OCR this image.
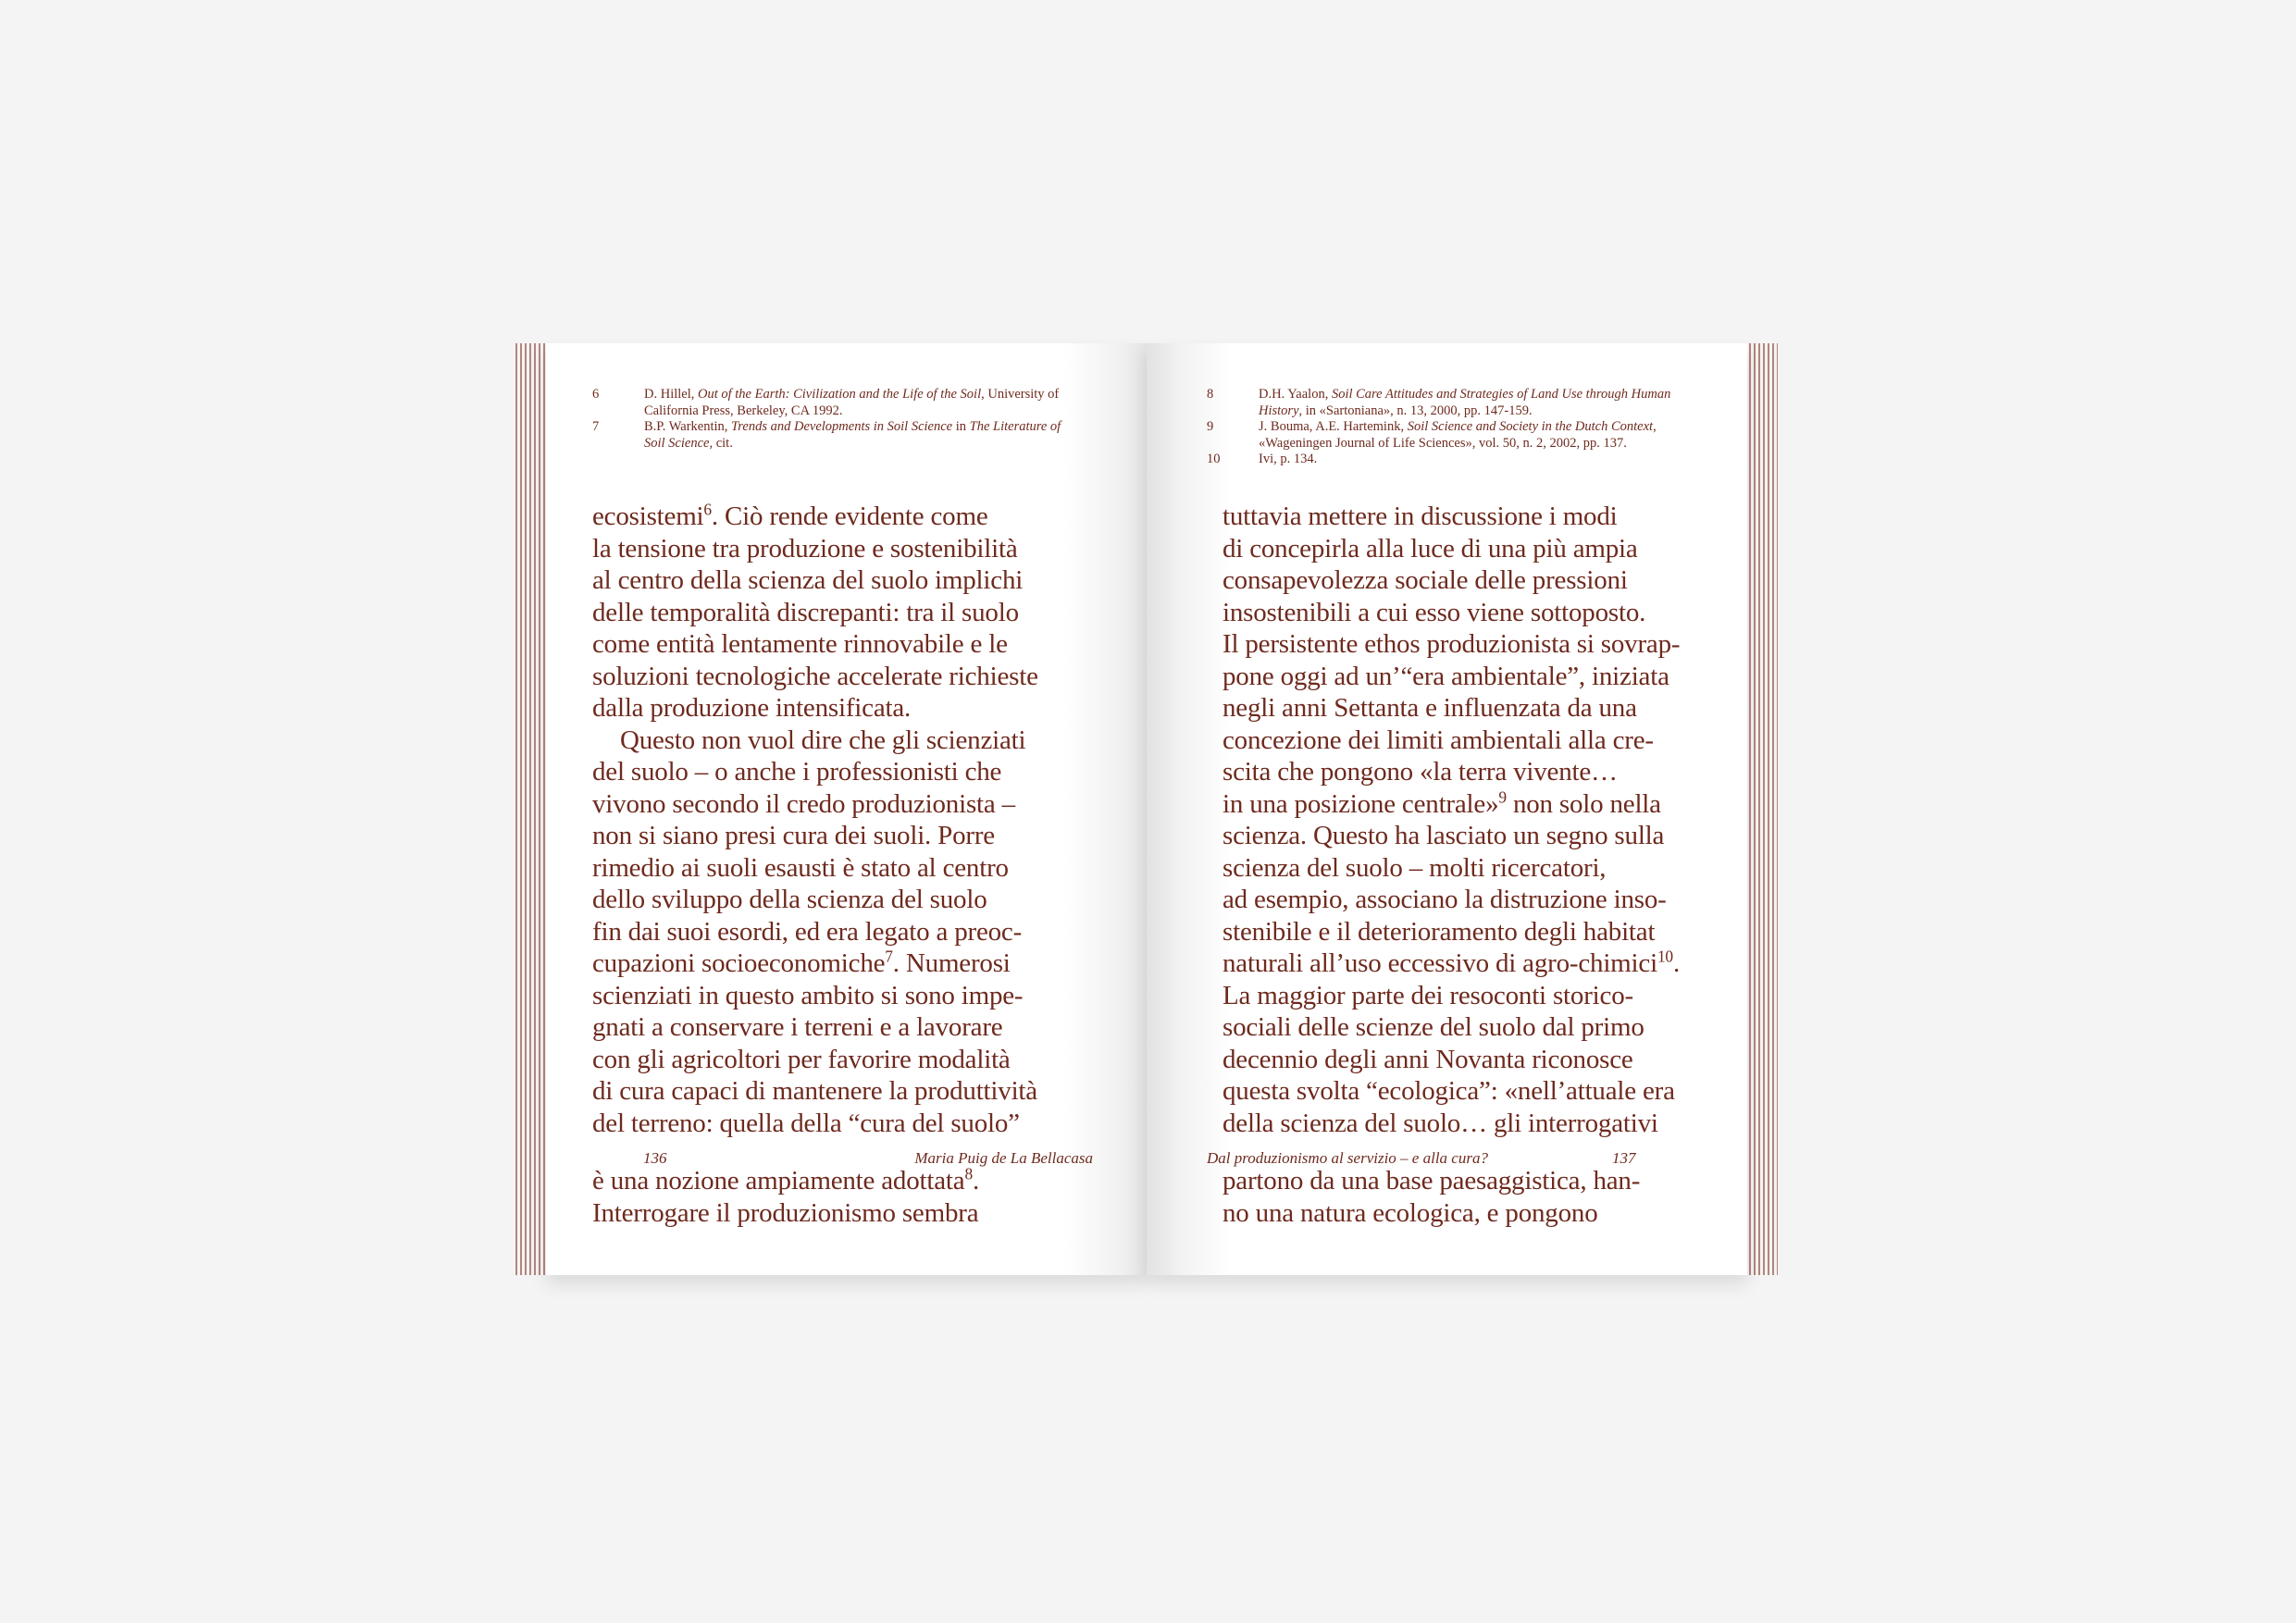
6	D. Hillel, Out of the Earth: Civilization and the Life of the Soil, University of California Press, Berkeley, CA 1992.
7	B.P. Warkentin, Trends and Developments in Soil Science in The Literature of Soil Science, cit.
ecosistemi$^6$. Ciò rende evidente come
la tensione tra produzione e sostenibilità
al centro della scienza del suolo implichi
delle temporalità discrepanti: tra il suolo
come entità lentamente rinnovabile e le
soluzioni tecnologiche accelerate richieste
dalla produzione intensificata.
Questo non vuol dire che gli scienziati
del suolo – o anche i professionisti che
vivono secondo il credo produzionista –
non si siano presi cura dei suoli. Porre
rimedio ai suoli esausti è stato al centro
dello sviluppo della scienza del suolo
fin dai suoi esordi, ed era legato a preoc-
cupazioni socioeconomiche$^7$. Numerosi
scienziati in questo ambito si sono impe-
gnati a conservare i terreni e a lavorare
con gli agricoltori per favorire modalità
di cura capaci di mantenere la produttività
del terreno: quella della “cura del suolo”
136	Maria Puig de La Bellacasa
è una nozione ampiamente adottata$^8$.
Interrogare il produzionismo sembra
8	D.H. Yaalon, Soil Care Attitudes and Strategies of Land Use through Human History, in «Sartoniana», n. 13, 2000, pp. 147-159.
9	J. Bouma, A.E. Hartemink, Soil Science and Society in the Dutch Context, «Wageningen Journal of Life Sciences», vol. 50, n. 2, 2002, pp. 137.
10	Ivi, p. 134.
tuttavia mettere in discussione i modi
di concepirla alla luce di una più ampia
consapevolezza sociale delle pressioni
insostenibili a cui esso viene sottoposto.
Il persistente ethos produzionista si sovrap-
pone oggi ad un’“era ambientale”, iniziata
negli anni Settanta e influenzata da una
concezione dei limiti ambientali alla cre-
scita che pongono «la terra vivente…
in una posizione centrale»$^9$ non solo nella
scienza. Questo ha lasciato un segno sulla
scienza del suolo – molti ricercatori,
ad esempio, associano la distruzione inso-
stenibile e il deterioramento degli habitat
naturali all’uso eccessivo di agro-chimici$^{10}$.
La maggior parte dei resoconti storico-
sociali delle scienze del suolo dal primo
decennio degli anni Novanta riconosce
questa svolta “ecologica”: «nell’attuale era
della scienza del suolo… gli interrogativi
Dal produzionismo al servizio – e alla cura?	137
partono da una base paesaggistica, han-
no una natura ecologica, e pongono
